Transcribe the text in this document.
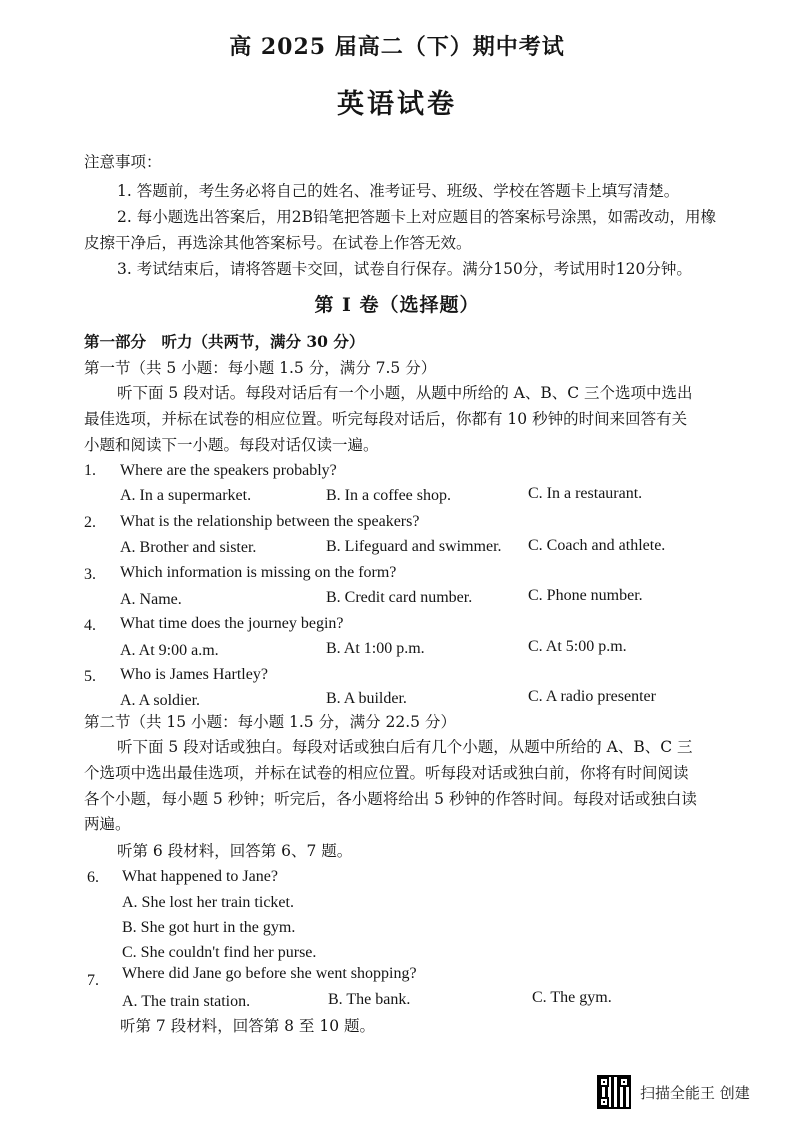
高 2025 届高二（下）期中考试
英语试卷
注意事项：
1. 答题前，考生务必将自己的姓名、准考证号、班级、学校在答题卡上填写清楚。
2. 每小题选出答案后，用2B铅笔把答题卡上对应题目的答案标号涂黑，如需改动，用橡
皮擦干净后，再选涂其他答案标号。在试卷上作答无效。
3. 考试结束后，请将答题卡交回，试卷自行保存。满分150分，考试用时120分钟。
第 I 卷（选择题）
第一部分　听力（共两节，满分 30 分）
第一节（共 5 小题：每小题 1.5 分，满分 7.5 分）
听下面 5 段对话。每段对话后有一个小题，从题中所给的 A、B、C 三个选项中选出
最佳选项，并标在试卷的相应位置。听完每段对话后，你都有 10 秒钟的时间来回答有关
小题和阅读下一小题。每段对话仅读一遍。
1. Where are the speakers probably?
A. In a supermarket.	B. In a coffee shop.	C. In a restaurant.
2. What is the relationship between the speakers?
A. Brother and sister.	B. Lifeguard and swimmer. C. Coach and athlete.
3. Which information is missing on the form?
A. Name.	B. Credit card number.	C. Phone number.
4. What time does the journey begin?
A. At 9:00 a.m.	B. At 1:00 p.m.	C. At 5:00 p.m.
5. Who is James Hartley?
A. A soldier.	B. A builder.	C. A radio presenter
第二节（共 15 小题：每小题 1.5 分，满分 22.5 分）
听下面 5 段对话或独白。每段对话或独白后有几个小题，从题中所给的 A、B、C 三
个选项中选出最佳选项，并标在试卷的相应位置。听每段对话或独白前，你将有时间阅读
各个小题，每小题 5 秒钟；听完后，各小题将给出 5 秒钟的作答时间。每段对话或独白读
两遍。
听第 6 段材料，回答第 6、7 题。
6. What happened to Jane?
A. She lost her train ticket.
B. She got hurt in the gym.
C. She couldn't find her purse.
7. Where did Jane go before she went shopping?
A. The train station.	B. The bank.	C. The gym.
听第 7 段材料，回答第 8 至 10 题。
扫描全能王 创建
